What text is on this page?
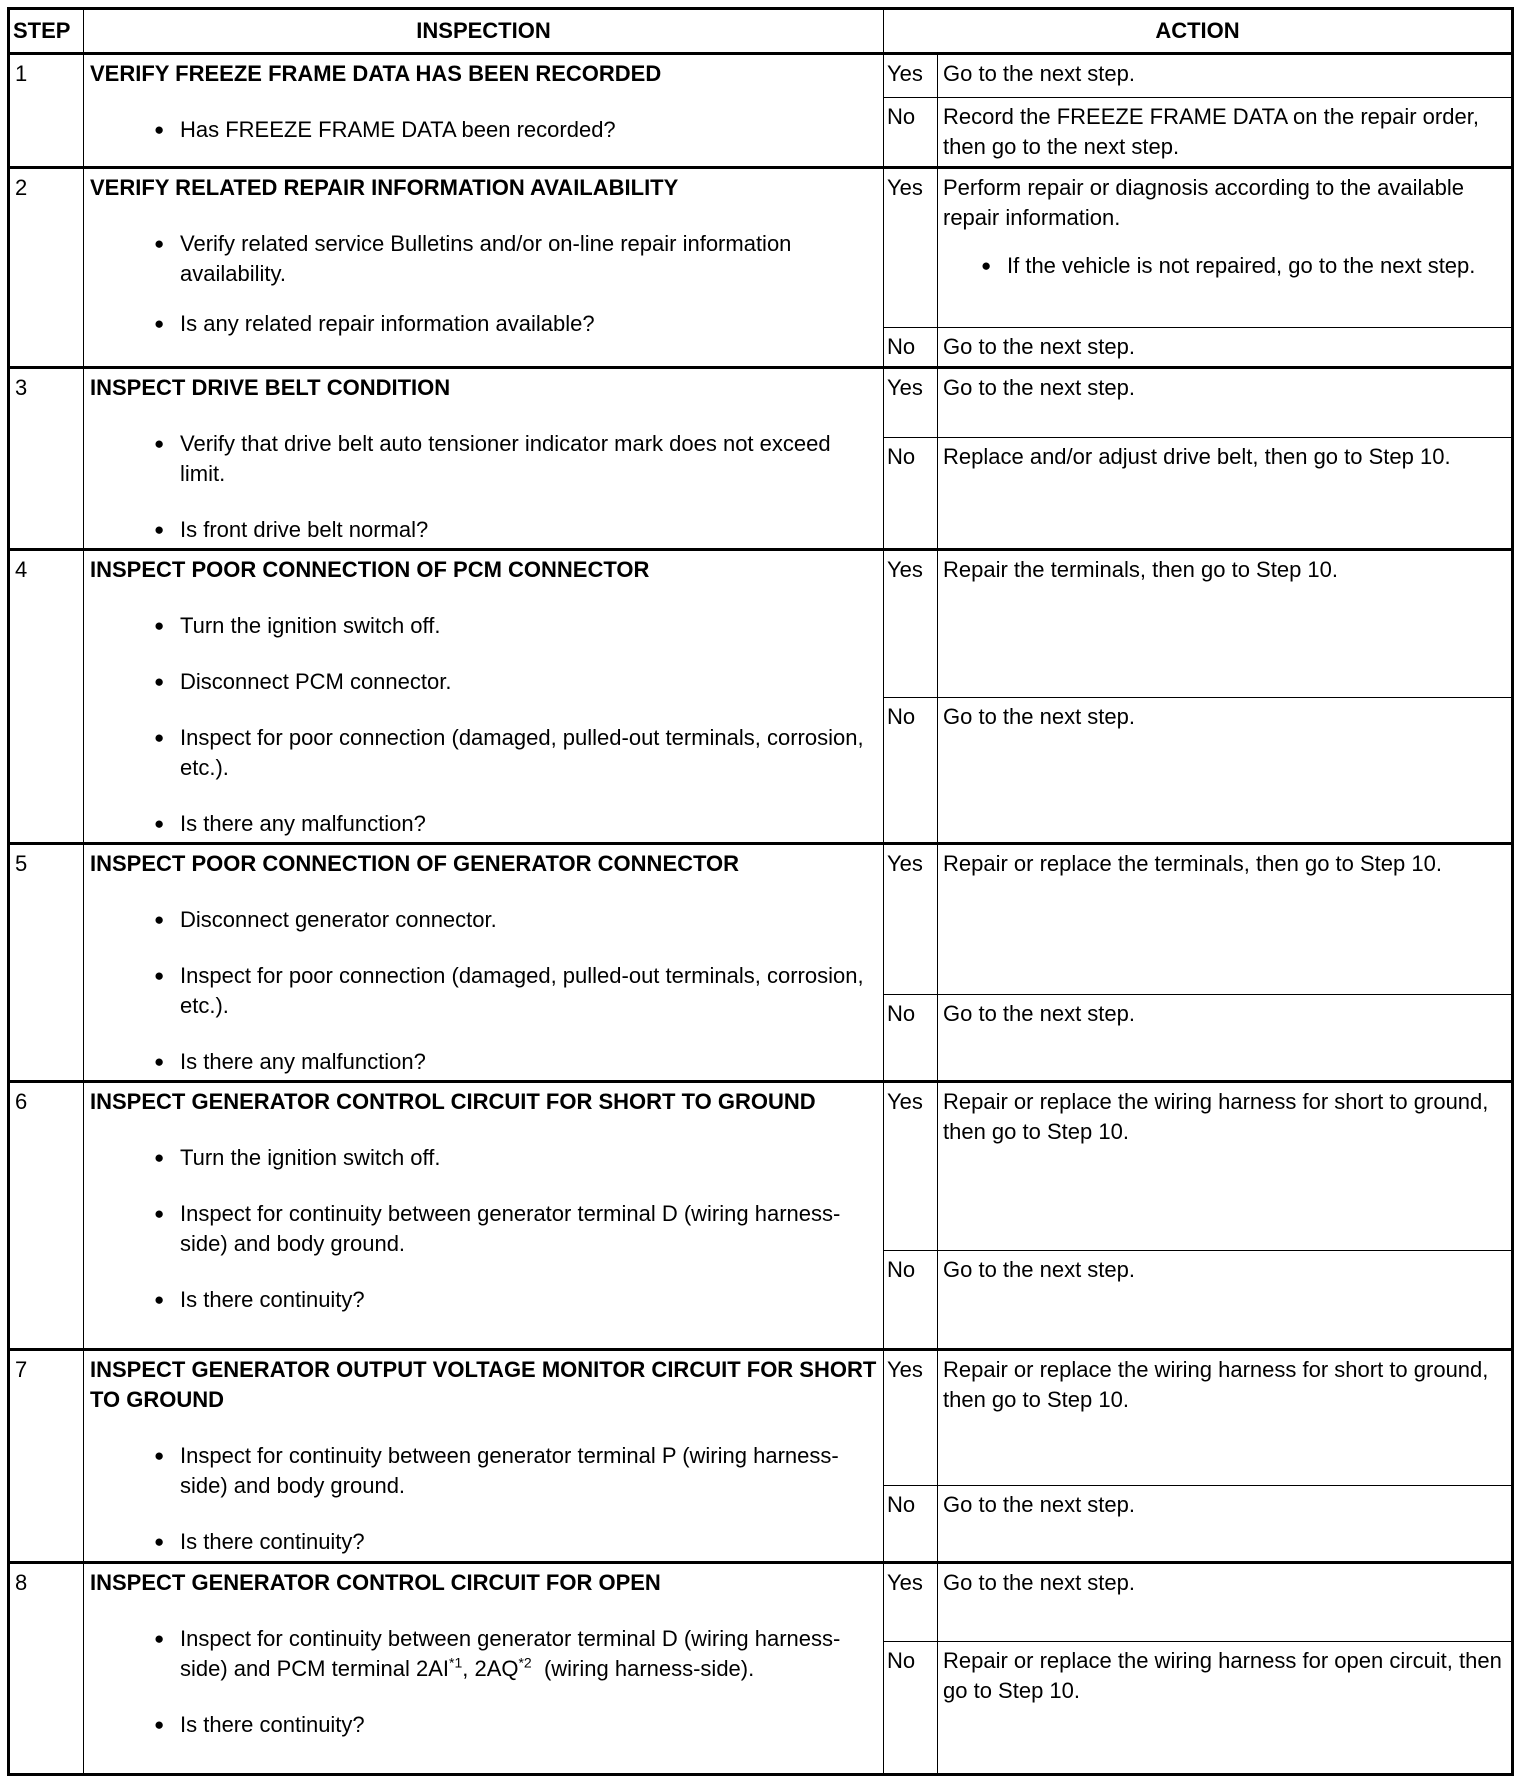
STEP	INSPECTION	ACTION
1	VERIFY FREEZE FRAME DATA HAS BEEN RECORDED
● Has FREEZE FRAME DATA been recorded?
Yes Go to the next step.
No	Record the FREEZE FRAME DATA on the repair order, then go to the next step.
2	VERIFY RELATED REPAIR INFORMATION AVAILABILITY
● Verify related service Bulletins and/or on-line repair information availability.
● Is any related repair information available?
Yes Perform repair or diagnosis according to the available repair information.
● If the vehicle is not repaired, go to the next step.
No	Go to the next step.
3	INSPECT DRIVE BELT CONDITION
● Verify that drive belt auto tensioner indicator mark does not exceed limit.
● Is front drive belt normal?
Yes Go to the next step.
No	Replace and/or adjust drive belt, then go to Step 10.
4	INSPECT POOR CONNECTION OF PCM CONNECTOR
● Turn the ignition switch off.
● Disconnect PCM connector.
● Inspect for poor connection (damaged, pulled-out terminals, corrosion, etc.).
● Is there any malfunction?
Yes Repair the terminals, then go to Step 10.
No	Go to the next step.
5	INSPECT POOR CONNECTION OF GENERATOR CONNECTOR
● Disconnect generator connector.
● Inspect for poor connection (damaged, pulled-out terminals, corrosion, etc.).
● Is there any malfunction?
Yes Repair or replace the terminals, then go to Step 10.
No	Go to the next step.
6	INSPECT GENERATOR CONTROL CIRCUIT FOR SHORT TO GROUND
● Turn the ignition switch off.
● Inspect for continuity between generator terminal D (wiring harness-side) and body ground.
● Is there continuity?
Yes Repair or replace the wiring harness for short to ground, then go to Step 10.
No	Go to the next step.
7	INSPECT GENERATOR OUTPUT VOLTAGE MONITOR CIRCUIT FOR SHORT TO GROUND
● Inspect for continuity between generator terminal P (wiring harness-side) and body ground.
● Is there continuity?
Yes Repair or replace the wiring harness for short to ground, then go to Step 10.
No	Go to the next step.
8	INSPECT GENERATOR CONTROL CIRCUIT FOR OPEN
● Inspect for continuity between generator terminal D (wiring harness-side) and PCM terminal 2AI$^{*1}$, 2AQ$^{*2}$  (wiring harness-side).
● Is there continuity?
Yes Go to the next step.
No	Repair or replace the wiring harness for open circuit, then go to Step 10.
